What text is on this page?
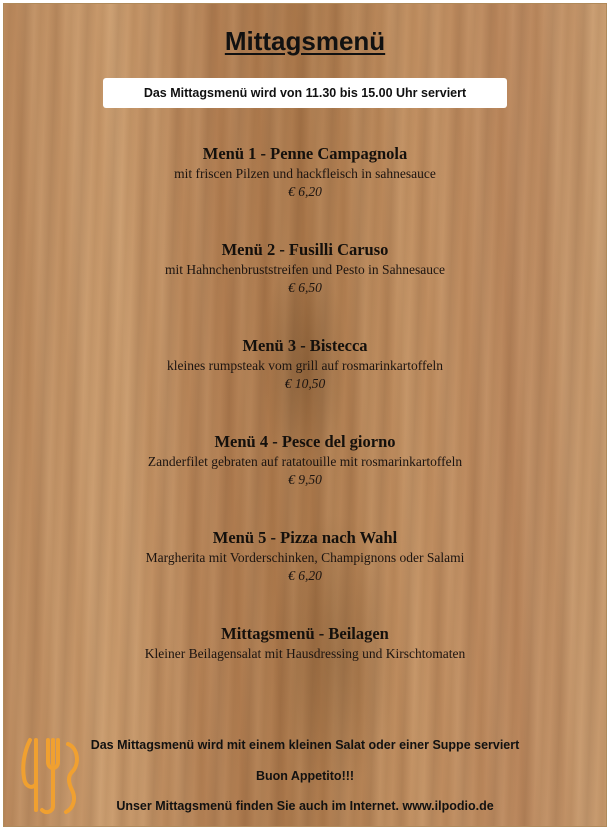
Mittagsmenü
Das Mittagsmenü wird von 11.30 bis 15.00 Uhr serviert
Menü 1 - Penne Campagnola
mit friscen Pilzen und hackfleisch in sahnesauce
€ 6,20
Menü 2 - Fusilli Caruso
mit Hahnchenbruststreifen und Pesto in Sahnesauce
€ 6,50
Menü 3 - Bistecca
kleines rumpsteak vom grill auf rosmarinkartoffeln
€ 10,50
Menü 4 - Pesce del giorno
Zanderfilet gebraten auf ratatouille mit rosmarinkartoffeln
€ 9,50
Menü 5 - Pizza nach Wahl
Margherita mit Vorderschinken, Champignons oder Salami
€ 6,20
Mittagsmenü - Beilagen
Kleiner Beilagensalat mit Hausdressing und Kirschtomaten
Das Mittagsmenü wird mit einem kleinen Salat oder einer Suppe serviert
Buon Appetito!!!
Unser Mittagsmenü finden Sie auch im Internet. www.ilpodio.de
